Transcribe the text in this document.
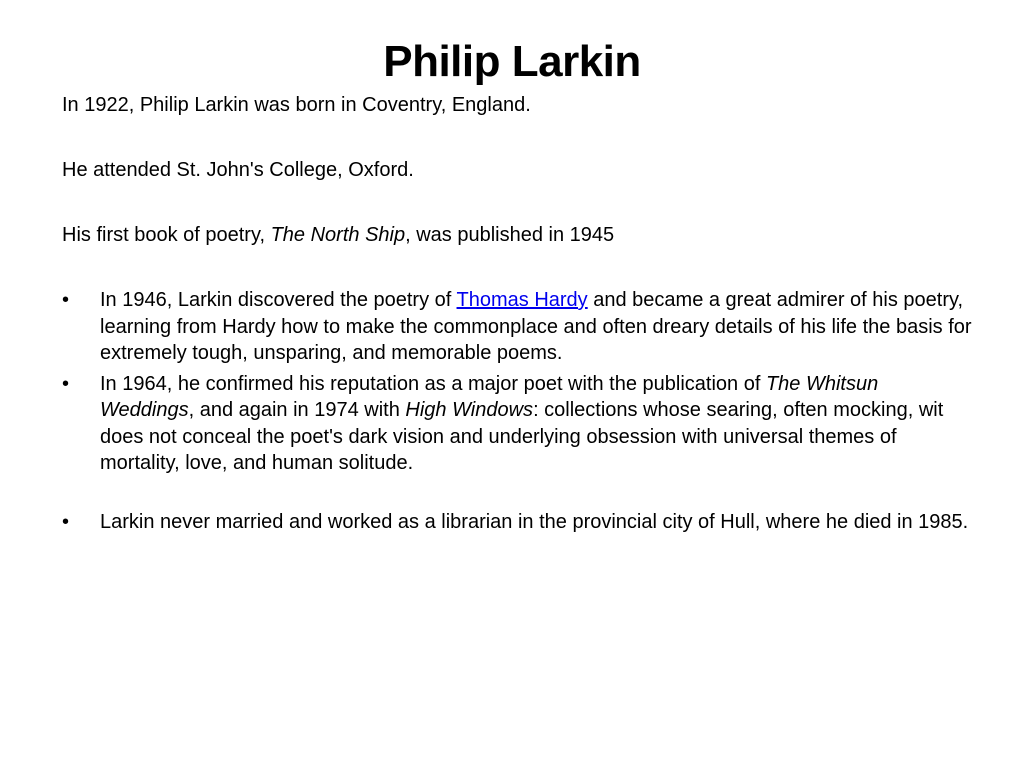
Philip Larkin

In 1922, Philip Larkin was born in Coventry, England.

He attended St. John's College, Oxford.

His first book of poetry, The North Ship, was published in 1945

•	In 1946, Larkin discovered the poetry of Thomas Hardy and became a great admirer of his poetry, learning from Hardy how to make the commonplace and often dreary details of his life the basis for extremely tough, unsparing, and memorable poems.
•	In 1964, he confirmed his reputation as a major poet with the publication of The Whitsun Weddings, and again in 1974 with High Windows: collections whose searing, often mocking, wit does not conceal the poet's dark vision and underlying obsession with universal themes of mortality, love, and human solitude.
•	Larkin never married and worked as a librarian in the provincial city of Hull, where he died in 1985.
